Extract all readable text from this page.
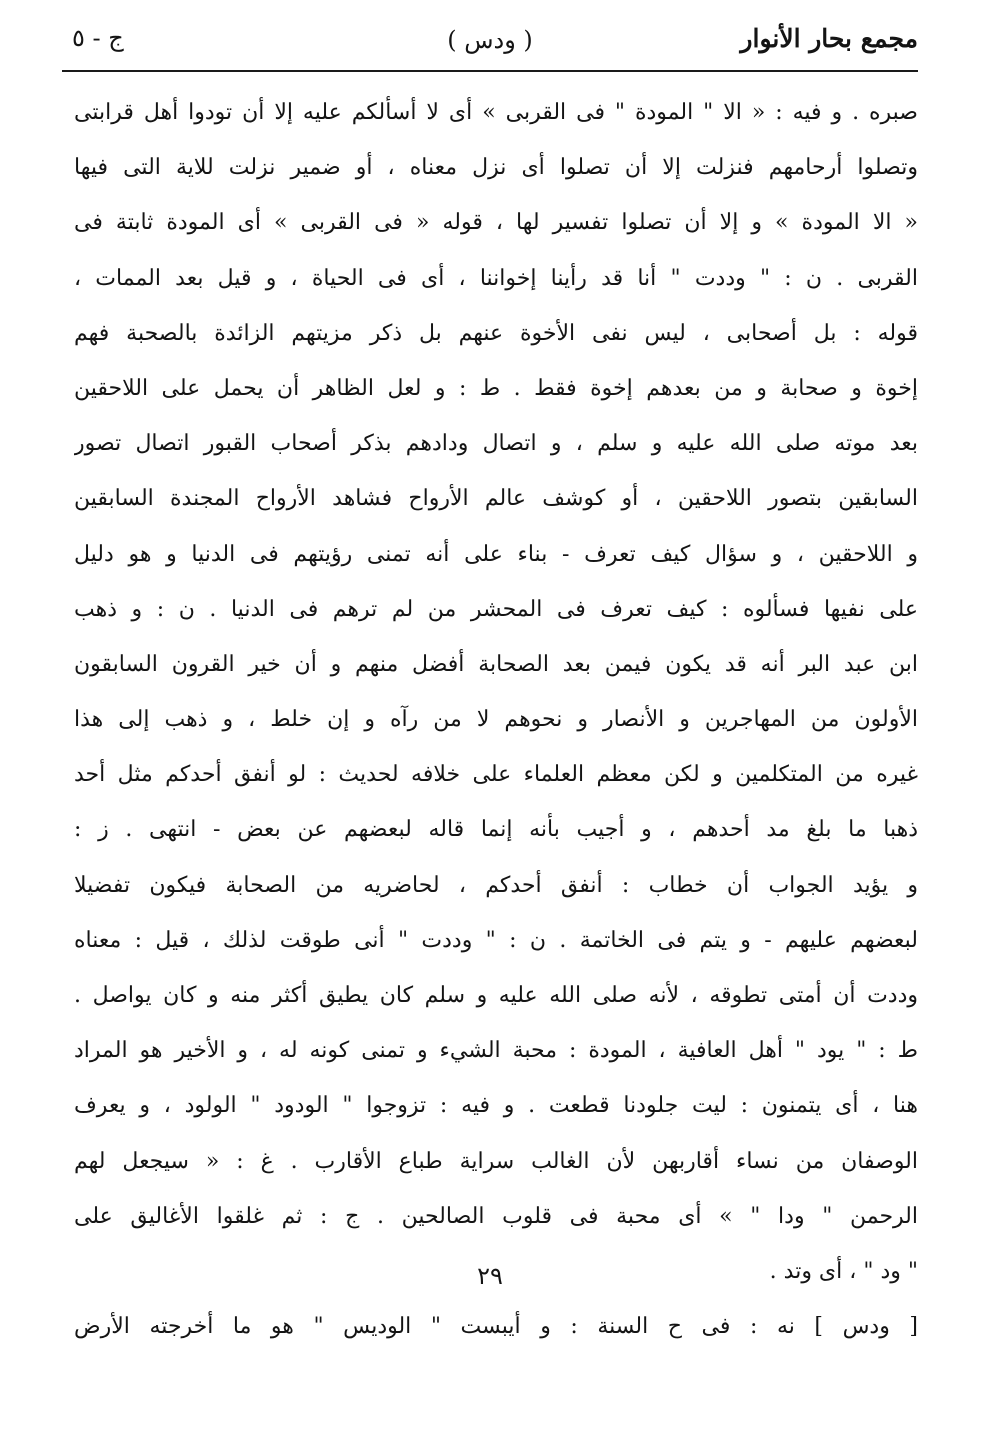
مجمع بحار الأنوار
( ودس )
ج - ٥
صبره . و فيه : « الا " المودة " فى القربى » أى لا أسألكم عليه إلا أن تودوا أهل قرابتى
وتصلوا أرحامهم فنزلت إلا أن تصلوا أى نزل معناه ، أو ضمير نزلت للاية التى فيها
« الا المودة » و إلا أن تصلوا تفسير لها ، قوله « فى القربى » أى المودة ثابتة فى
القربى . ن : " وددت " أنا قد رأينا إخواننا ، أى فى الحياة ، و قيل بعد الممات ،
قوله : بل أصحابى ، ليس نفى الأخوة عنهم بل ذكر مزيتهم الزائدة بالصحبة فهم
إخوة و صحابة و من بعدهم إخوة فقط . ط : و لعل الظاهر أن يحمل على اللاحقين
بعد موته صلى الله عليه و سلم ، و اتصال ودادهم بذكر أصحاب القبور اتصال تصور
السابقين بتصور اللاحقين ، أو كوشف عالم الأرواح فشاهد الأرواح المجندة السابقين
و اللاحقين ، و سؤال كيف تعرف - بناء على أنه تمنى رؤيتهم فى الدنيا و هو دليل
على نفيها فسألوه : كيف تعرف فى المحشر من لم ترهم فى الدنيا . ن : و ذهب
ابن عبد البر أنه قد يكون فيمن بعد الصحابة أفضل منهم و أن خير القرون السابقون
الأولون من المهاجرين و الأنصار و نحوهم لا من رآه و إن خلط ، و ذهب إلى هذا
غيره من المتكلمين و لكن معظم العلماء على خلافه لحديث : لو أنفق أحدكم مثل أحد
ذهبا ما بلغ مد أحدهم ، و أجيب بأنه إنما قاله لبعضهم عن بعض - انتهى . ز :
و يؤيد الجواب أن خطاب : أنفق أحدكم ، لحاضريه من الصحابة فيكون تفضيلا
لبعضهم عليهم - و يتم فى الخاتمة . ن : " وددت " أنى طوقت لذلك ، قيل : معناه
وددت أن أمتى تطوقه ، لأنه صلى الله عليه و سلم كان يطيق أكثر منه و كان يواصل .
ط : " يود " أهل العافية ، المودة : محبة الشيء و تمنى كونه له ، و الأخير هو المراد
هنا ، أى يتمنون : ليت جلودنا قطعت . و فيه : تزوجوا " الودود " الولود ، و يعرف
الوصفان من نساء أقاربهن لأن الغالب سراية طباع الأقارب . غ : « سيجعل لهم
الرحمن " ودا " » أى محبة فى قلوب الصالحين . ج : ثم غلقوا الأغاليق على
" ود " ، أى وتد .
[ ودس ] نه : فى ح السنة : و أيبست " الوديس " هو ما أخرجته الأرض
٢٩
